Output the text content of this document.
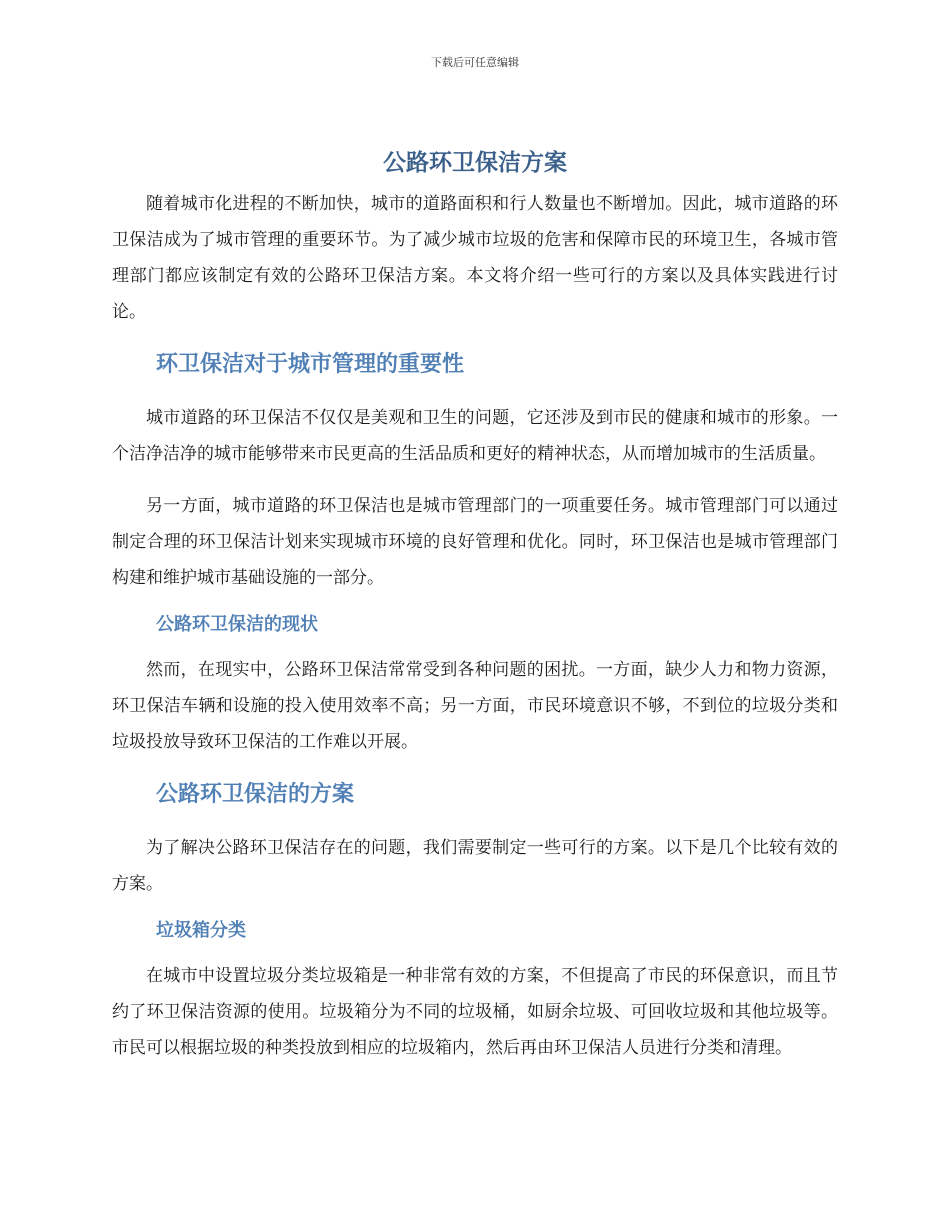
下载后可任意编辑
公路环卫保洁方案

随着城市化进程的不断加快，城市的道路面积和行人数量也不断增加。因此，城市道路的环卫保洁成为了城市管理的重要环节。为了减少城市垃圾的危害和保障市民的环境卫生，各城市管理部门都应该制定有效的公路环卫保洁方案。本文将介绍一些可行的方案以及具体实践进行讨论。

环卫保洁对于城市管理的重要性

城市道路的环卫保洁不仅仅是美观和卫生的问题，它还涉及到市民的健康和城市的形象。一个洁净洁净的城市能够带来市民更高的生活品质和更好的精神状态，从而增加城市的生活质量。

另一方面，城市道路的环卫保洁也是城市管理部门的一项重要任务。城市管理部门可以通过制定合理的环卫保洁计划来实现城市环境的良好管理和优化。同时，环卫保洁也是城市管理部门构建和维护城市基础设施的一部分。

公路环卫保洁的现状

然而，在现实中，公路环卫保洁常常受到各种问题的困扰。一方面，缺少人力和物力资源，环卫保洁车辆和设施的投入使用效率不高；另一方面，市民环境意识不够，不到位的垃圾分类和垃圾投放导致环卫保洁的工作难以开展。

公路环卫保洁的方案

为了解决公路环卫保洁存在的问题，我们需要制定一些可行的方案。以下是几个比较有效的方案。

垃圾箱分类

在城市中设置垃圾分类垃圾箱是一种非常有效的方案，不但提高了市民的环保意识，而且节约了环卫保洁资源的使用。垃圾箱分为不同的垃圾桶，如厨余垃圾、可回收垃圾和其他垃圾等。市民可以根据垃圾的种类投放到相应的垃圾箱内，然后再由环卫保洁人员进行分类和清理。
